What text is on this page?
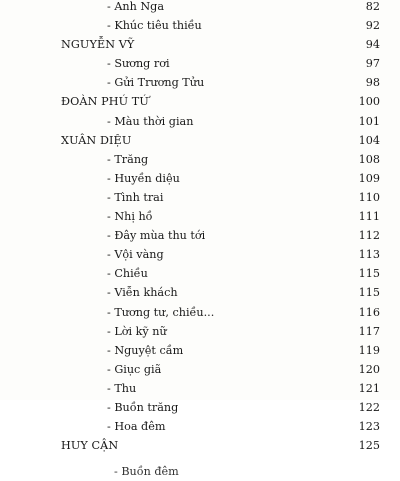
- Anh Nga	82
- Khúc tiêu thiều	92
NGUYỄN VỸ	94
- Sương rơi	97
- Gửi Trương Tửu	98
ĐOÀN PHÚ TỨ	100
- Màu thời gian	101
XUÂN DIỆU	104
- Trăng	108
- Huyền diệu	109
- Tình trai	110
- Nhị hồ	111
- Đây mùa thu tới	112
- Vội vàng	113
- Chiều	115
- Viễn khách	115
- Tương tư, chiều...	116
- Lời kỹ nữ	117
- Nguyệt cầm	119
- Giục giã	120
- Thu	121
- Buồn trăng	122
- Hoa đêm	123
HUY CẬN	125
- Buồn đêm
